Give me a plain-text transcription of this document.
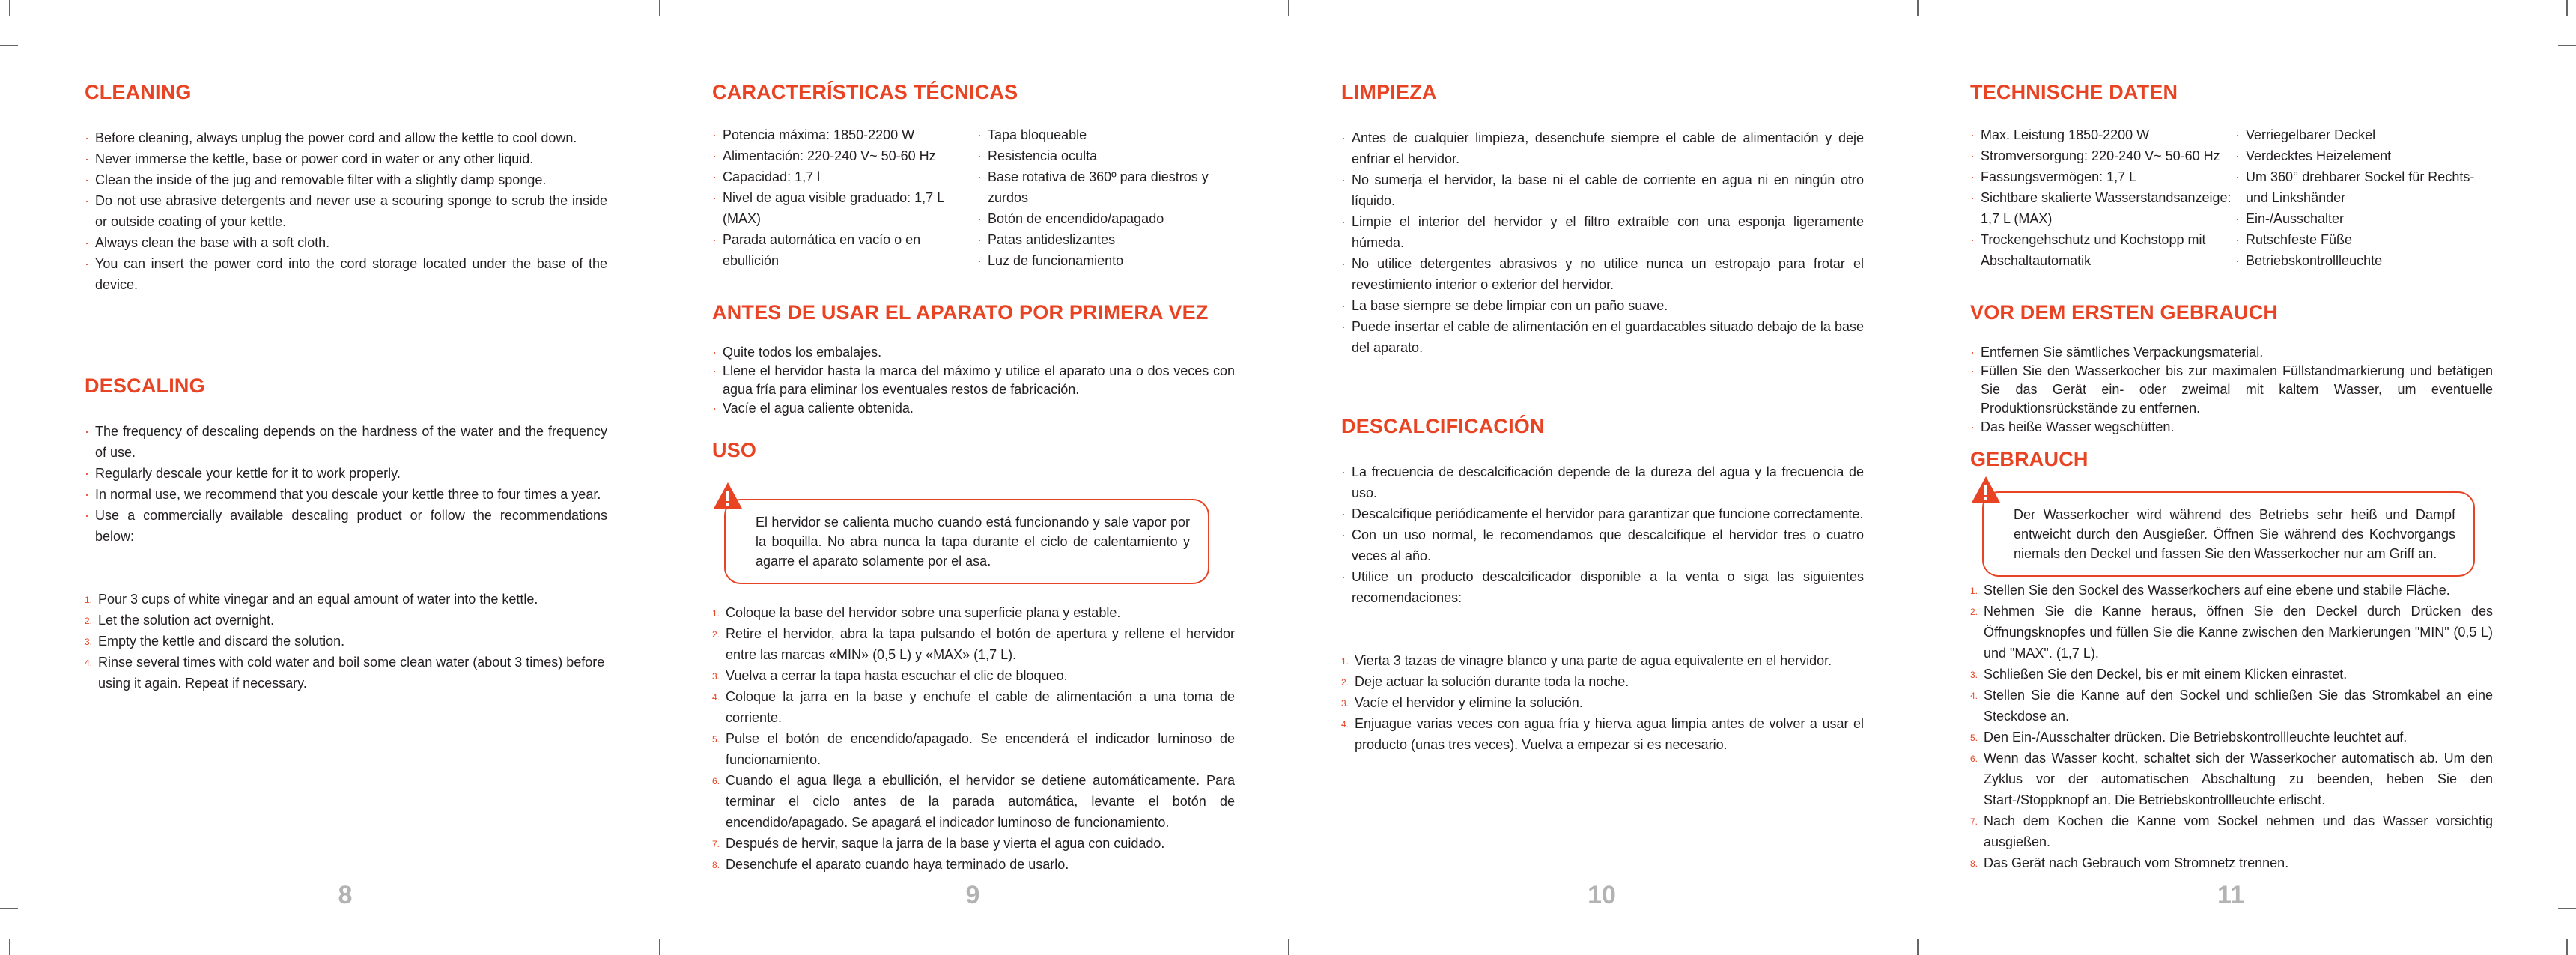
CLEANING
· Before cleaning, always unplug the power cord and allow the kettle to cool down.
· Never immerse the kettle, base or power cord in water or any other liquid.
· Clean the inside of the jug and removable filter with a slightly damp sponge.
· Do not use abrasive detergents and never use a scouring sponge to scrub the inside or outside coating of your kettle.
· Always clean the base with a soft cloth.
· You can insert the power cord into the cord storage located under the base of the device.
DESCALING
· The frequency of descaling depends on the hardness of the water and the frequency of use.
· Regularly descale your kettle for it to work properly.
· In normal use, we recommend that you descale your kettle three to four times a year.
· Use a commercially available descaling product or follow the recommendations below:
1. Pour 3 cups of white vinegar and an equal amount of water into the kettle.
2. Let the solution act overnight.
3. Empty the kettle and discard the solution.
4. Rinse several times with cold water and boil some clean water (about 3 times) before using it again. Repeat if necessary.
8
CARACTERÍSTICAS TÉCNICAS
· Potencia máxima: 1850-2200 W
· Alimentación: 220-240 V~ 50-60 Hz
· Capacidad: 1,7 l
· Nivel de agua visible graduado: 1,7 L (MAX)
· Parada automática en vacío o en ebullición
· Tapa bloqueable
· Resistencia oculta
· Base rotativa de 360º para diestros y zurdos
· Botón de encendido/apagado
· Patas antideslizantes
· Luz de funcionamiento
ANTES DE USAR EL APARATO POR PRIMERA VEZ
· Quite todos los embalajes.
· Llene el hervidor hasta la marca del máximo y utilice el aparato una o dos veces con agua fría para eliminar los eventuales restos de fabricación.
· Vacíe el agua caliente obtenida.
USO
El hervidor se calienta mucho cuando está funcionando y sale vapor por la boquilla. No abra nunca la tapa durante el ciclo de calentamiento y agarre el aparato solamente por el asa.
1. Coloque la base del hervidor sobre una superficie plana y estable.
2. Retire el hervidor, abra la tapa pulsando el botón de apertura y rellene el hervidor entre las marcas «MIN» (0,5 L) y «MAX» (1,7 L).
3. Vuelva a cerrar la tapa hasta escuchar el clic de bloqueo.
4. Coloque la jarra en la base y enchufe el cable de alimentación a una toma de corriente.
5. Pulse el botón de encendido/apagado. Se encenderá el indicador luminoso de funcionamiento.
6. Cuando el agua llega a ebullición, el hervidor se detiene automáticamente. Para terminar el ciclo antes de la parada automática, levante el botón de encendido/apagado. Se apagará el indicador luminoso de funcionamiento.
7. Después de hervir, saque la jarra de la base y vierta el agua con cuidado.
8. Desenchufe el aparato cuando haya terminado de usarlo.
9
LIMPIEZA
· Antes de cualquier limpieza, desenchufe siempre el cable de alimentación y deje enfriar el hervidor.
· No sumerja el hervidor, la base ni el cable de corriente en agua ni en ningún otro líquido.
· Limpie el interior del hervidor y el filtro extraíble con una esponja ligeramente húmeda.
· No utilice detergentes abrasivos y no utilice nunca un estropajo para frotar el revestimiento interior o exterior del hervidor.
· La base siempre se debe limpiar con un paño suave.
· Puede insertar el cable de alimentación en el guardacables situado debajo de la base del aparato.
DESCALCIFICACIÓN
· La frecuencia de descalcificación depende de la dureza del agua y la frecuencia de uso.
· Descalcifique periódicamente el hervidor para garantizar que funcione correctamente.
· Con un uso normal, le recomendamos que descalcifique el hervidor tres o cuatro veces al año.
· Utilice un producto descalcificador disponible a la venta o siga las siguientes recomendaciones:
1. Vierta 3 tazas de vinagre blanco y una parte de agua equivalente en el hervidor.
2. Deje actuar la solución durante toda la noche.
3. Vacíe el hervidor y elimine la solución.
4. Enjuague varias veces con agua fría y hierva agua limpia antes de volver a usar el producto (unas tres veces). Vuelva a empezar si es necesario.
10
TECHNISCHE DATEN
· Max. Leistung 1850-2200 W
· Stromversorgung: 220-240 V~ 50-60 Hz
· Fassungsvermögen: 1,7 L
· Sichtbare skalierte Wasserstandsanzeige: 1,7 L (MAX)
· Trockengehschutz und Kochstopp mit Abschaltautomatik
· Verriegelbarer Deckel
· Verdecktes Heizelement
· Um 360° drehbarer Sockel für Rechts- und Linkshänder
· Ein-/Ausschalter
· Rutschfeste Füße
· Betriebskontrollleuchte
VOR DEM ERSTEN GEBRAUCH
· Entfernen Sie sämtliches Verpackungsmaterial.
· Füllen Sie den Wasserkocher bis zur maximalen Füllstandmarkierung und betätigen Sie das Gerät ein- oder zweimal mit kaltem Wasser, um eventuelle Produktionsrückstände zu entfernen.
· Das heiße Wasser wegschütten.
GEBRAUCH
Der Wasserkocher wird während des Betriebs sehr heiß und Dampf entweicht durch den Ausgießer. Öffnen Sie während des Kochvorgangs niemals den Deckel und fassen Sie den Wasserkocher nur am Griff an.
1. Stellen Sie den Sockel des Wasserkochers auf eine ebene und stabile Fläche.
2. Nehmen Sie die Kanne heraus, öffnen Sie den Deckel durch Drücken des Öffnungsknopfes und füllen Sie die Kanne zwischen den Markierungen "MIN" (0,5 L) und "MAX". (1,7 L).
3. Schließen Sie den Deckel, bis er mit einem Klicken einrastet.
4. Stellen Sie die Kanne auf den Sockel und schließen Sie das Stromkabel an eine Steckdose an.
5. Den Ein-/Ausschalter drücken. Die Betriebskontrollleuchte leuchtet auf.
6. Wenn das Wasser kocht, schaltet sich der Wasserkocher automatisch ab. Um den Zyklus vor der automatischen Abschaltung zu beenden, heben Sie den Start-/Stoppknopf an. Die Betriebskontrollleuchte erlischt.
7. Nach dem Kochen die Kanne vom Sockel nehmen und das Wasser vorsichtig ausgießen.
8. Das Gerät nach Gebrauch vom Stromnetz trennen.
11
